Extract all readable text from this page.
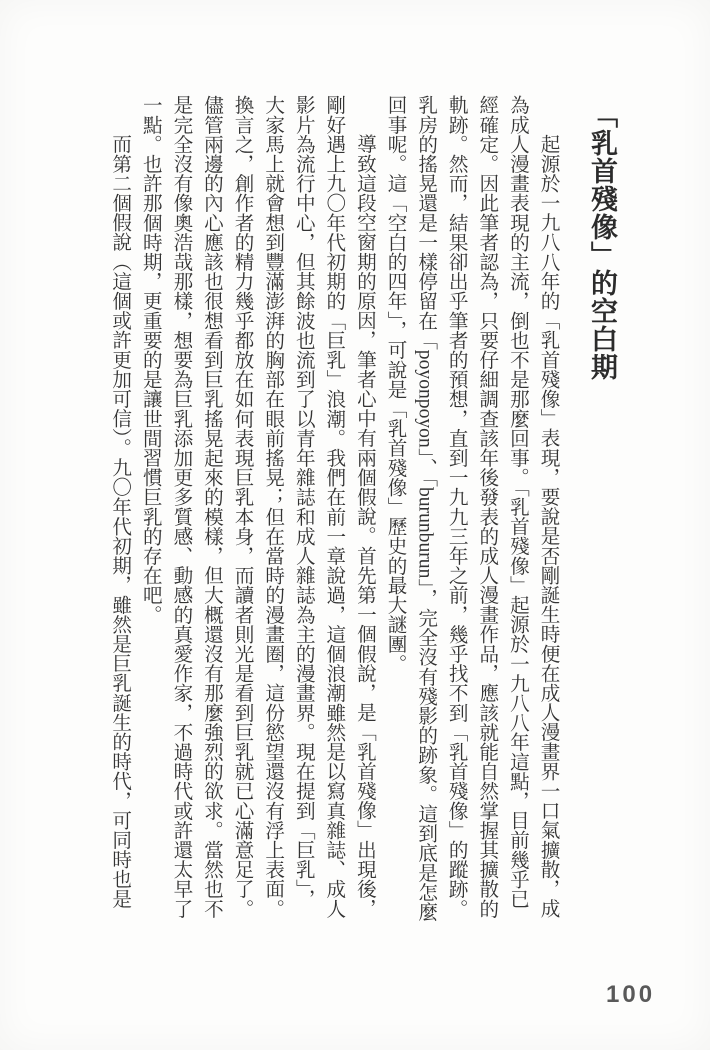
「乳首殘像」的空白期

起源於一九八八年的「乳首殘像」表現，要說是否剛誕生時便在成人漫畫界一口氣擴散，成為成人漫畫表現的主流，倒也不是那麼回事。「乳首殘像」起源於一九八八年這點，目前幾乎已經確定。因此筆者認為，只要仔細調查該年後發表的成人漫畫作品，應該就能自然掌握其擴散的軌跡。然而，結果卻出乎筆者的預想，直到一九九三年之前，幾乎找不到「乳首殘像」的蹤跡。乳房的搖晃還是一樣停留在「poyonpoyon」、「burunburun」，完全沒有殘影的跡象。這到底是怎麼回事呢。這「空白的四年」，可說是「乳首殘像」歷史的最大謎團。

導致這段空窗期的原因，筆者心中有兩個假說。首先第一個假說，是「乳首殘像」出現後，剛好遇上九〇年代初期的「巨乳」浪潮。我們在前一章說過，這個浪潮雖然是以寫真雜誌、成人影片為流行中心，但其餘波也流到了以青年雜誌和成人雜誌為主的漫畫界。現在提到「巨乳」，大家馬上就會想到豐滿澎湃的胸部在眼前搖晃；但在當時的漫畫圈，這份慾望還沒有浮上表面。換言之，創作者的精力幾乎都放在如何表現巨乳本身，而讀者則光是看到巨乳就已心滿意足了。儘管兩邊的內心應該也很想看到巨乳搖晃起來的模樣，但大概還沒有那麼強烈的欲求。當然也不是完全沒有像奧浩哉那樣，想要為巨乳添加更多質感、動感的真愛作家，不過時代或許還太早了一點。也許那個時期，更重要的是讓世間習慣巨乳的存在吧。

而第二個假說（這個或許更加可信）。九〇年代初期，雖然是巨乳誕生的時代，可同時也是

100
